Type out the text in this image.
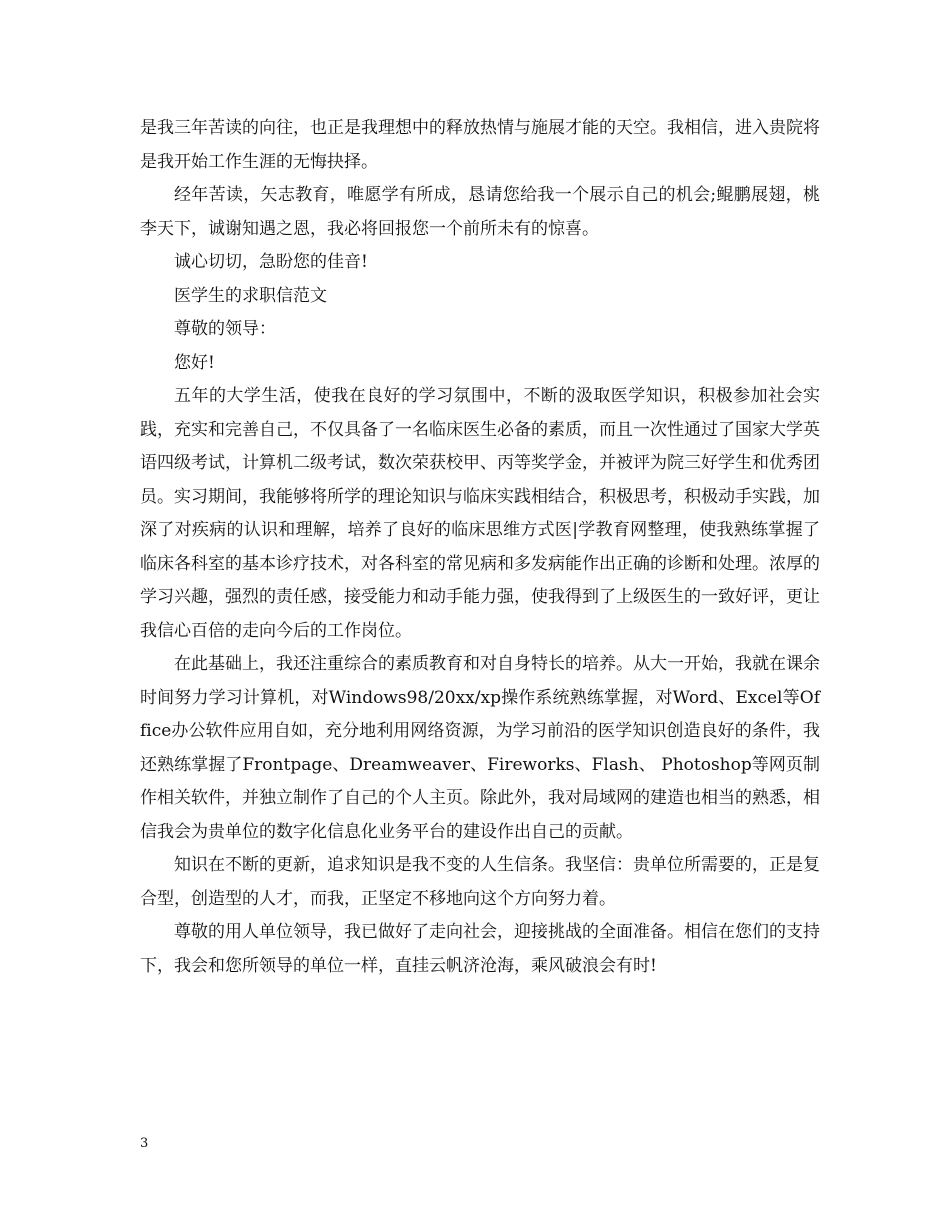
是我三年苦读的向往，也正是我理想中的释放热情与施展才能的天空。我相信，进入贵院将是我开始工作生涯的无悔抉择。

经年苦读，矢志教育，唯愿学有所成，恳请您给我一个展示自己的机会;鲲鹏展翅，桃李天下，诚谢知遇之恩，我必将回报您一个前所未有的惊喜。

诚心切切，急盼您的佳音!

医学生的求职信范文

尊敬的领导：

您好!

五年的大学生活，使我在良好的学习氛围中，不断的汲取医学知识，积极参加社会实践，充实和完善自己，不仅具备了一名临床医生必备的素质，而且一次性通过了国家大学英语四级考试，计算机二级考试，数次荣获校甲、丙等奖学金，并被评为院三好学生和优秀团员。实习期间，我能够将所学的理论知识与临床实践相结合，积极思考，积极动手实践，加深了对疾病的认识和理解，培养了良好的临床思维方式医|学教育网整理，使我熟练掌握了临床各科室的基本诊疗技术，对各科室的常见病和多发病能作出正确的诊断和处理。浓厚的学习兴趣，强烈的责任感，接受能力和动手能力强，使我得到了上级医生的一致好评，更让我信心百倍的走向今后的工作岗位。

在此基础上，我还注重综合的素质教育和对自身特长的培养。从大一开始，我就在课余时间努力学习计算机，对Windows98/20xx/xp操作系统熟练掌握，对Word、Excel等Office办公软件应用自如，充分地利用网络资源，为学习前沿的医学知识创造良好的条件，我还熟练掌握了Frontpage、Dreamweaver、Fireworks、Flash、 Photoshop等网页制作相关软件，并独立制作了自己的个人主页。除此外，我对局域网的建造也相当的熟悉，相信我会为贵单位的数字化信息化业务平台的建设作出自己的贡献。

知识在不断的更新，追求知识是我不变的人生信条。我坚信：贵单位所需要的，正是复合型，创造型的人才，而我，正坚定不移地向这个方向努力着。

尊敬的用人单位领导，我已做好了走向社会，迎接挑战的全面准备。相信在您们的支持下，我会和您所领导的单位一样，直挂云帆济沧海，乘风破浪会有时!

3
